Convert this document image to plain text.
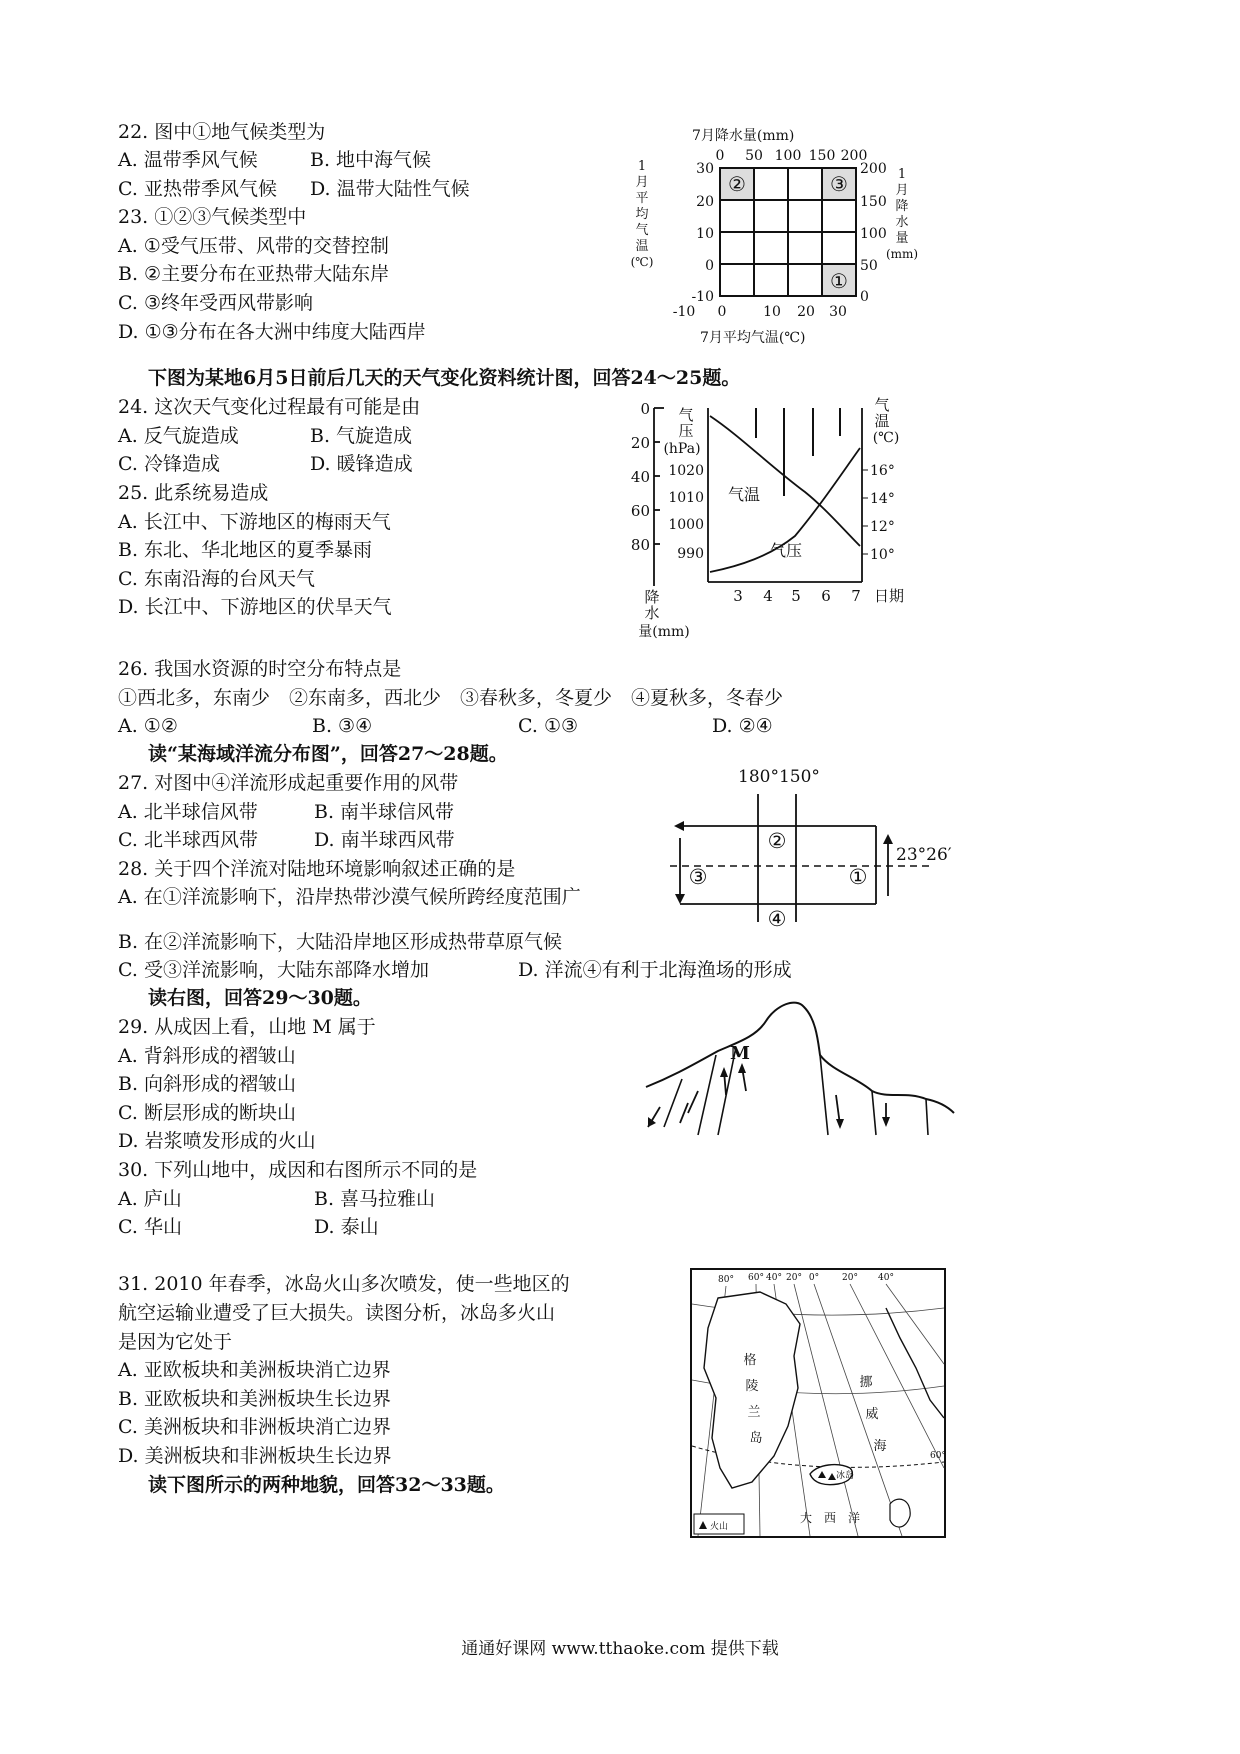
22. 图中①地气候类型为
A. 温带季风气候	B. 地中海气候
C. 亚热带季风气候 D. 温带大陆性气候
23. ①②③气候类型中
A. ①受气压带、风带的交替控制
B. ②主要分布在亚热带大陆东岸
C. ③终年受西风带影响
D. ①③分布在各大洲中纬度大陆西岸
7月降水量(mm)
0 50 100 150 200
②	③
①
30
20
10
0
-10
200
150
100
50
0
1
月
平
均
气
温
(℃)
1
月
降
水
量
(mm)
-10 0	10 20 30
7月平均气温(℃)
下图为某地6月5日前后几天的天气变化资料统计图，回答24～25题。
24. 这次天气变化过程最有可能是由
A. 反气旋造成	B. 气旋造成
C. 冷锋造成	D. 暖锋造成
25. 此系统易造成
A. 长江中、下游地区的梅雨天气
B. 东北、华北地区的夏季暴雨
C. 东南沿海的台风天气
D. 长江中、下游地区的伏旱天气
0
20
40
60
80
气
压
(hPa)
气
温
(℃)
1020
1010
1000
990
16°
14°
12°
10°
气温
气压
3 4 5 6 7 日期
降
水
量(mm)
26. 我国水资源的时空分布特点是
①西北多，东南少　②东南多，西北少　③春秋多，冬夏少　④夏秋多，冬春少
A. ①②	B. ③④	C. ①③	D. ②④
读“某海域洋流分布图”，回答27～28题。
27. 对图中④洋流形成起重要作用的风带
A. 北半球信风带	B. 南半球信风带
C. 北半球西风带	D. 南半球西风带
28. 关于四个洋流对陆地环境影响叙述正确的是
A. 在①洋流影响下，沿岸热带沙漠气候所跨经度范围广
B. 在②洋流影响下，大陆沿岸地区形成热带草原气候
C. 受③洋流影响，大陆东部降水增加	D. 洋流④有利于北海渔场的形成
180°150°
23°26′
②
③	①
④
读右图，回答29～30题。
29. 从成因上看，山地 M 属于
A. 背斜形成的褶皱山
B. 向斜形成的褶皱山
C. 断层形成的断块山
D. 岩浆喷发形成的火山
30. 下列山地中，成因和右图所示不同的是
A. 庐山	B. 喜马拉雅山
C. 华山	D. 泰山
M
31. 2010 年春季，冰岛火山多次喷发，使一些地区的
航空运输业遭受了巨大损失。读图分析，冰岛多火山
是因为它处于
A. 亚欧板块和美洲板块消亡边界
B. 亚欧板块和美洲板块生长边界
C. 美洲板块和非洲板块消亡边界
D. 美洲板块和非洲板块生长边界
读下图所示的两种地貌，回答32～33题。
80° 60° 40° 20° 0°	20° 40°
格
陵
兰
岛
挪
威
海
冰岛
60°
大　西　洋
火山
通通好课网 www.tthaoke.com 提供下载
